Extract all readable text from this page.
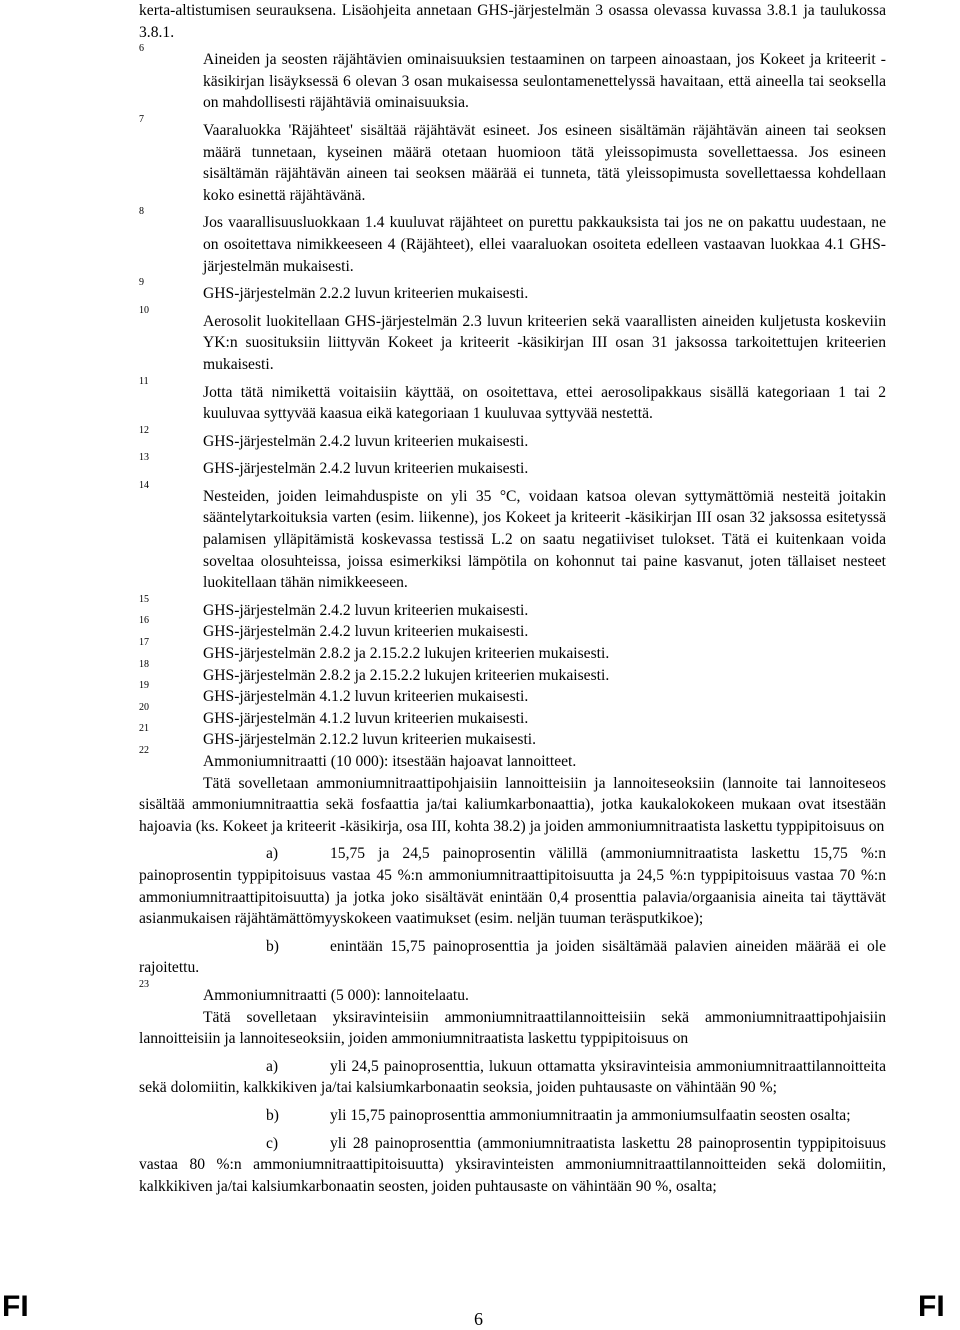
kerta-altistumisen seurauksena. Lisäohjeita annetaan GHS-järjestelmän 3 osassa olevassa kuvassa 3.8.1 ja taulukossa 3.8.1.

6
Aineiden ja seosten räjähtävien ominaisuuksien testaaminen on tarpeen ainoastaan, jos Kokeet ja kriteerit -käsikirjan lisäyksessä 6 olevan 3 osan mukaisessa seulontamenettelyssä havaitaan, että aineella tai seoksella on mahdollisesti räjähtäviä ominaisuuksia.

7
Vaaraluokka 'Räjähteet' sisältää räjähtävät esineet. Jos esineen sisältämän räjähtävän aineen tai seoksen määrä tunnetaan, kyseinen määrä otetaan huomioon tätä yleissopimusta sovellettaessa. Jos esineen sisältämän räjähtävän aineen tai seoksen määrää ei tunneta, tätä yleissopimusta sovellettaessa kohdellaan koko esinettä räjähtävänä.

8
Jos vaarallisuusluokkaan 1.4 kuuluvat räjähteet on purettu pakkauksista tai jos ne on pakattu uudestaan, ne on osoitettava nimikkeeseen 4 (Räjähteet), ellei vaaraluokan osoiteta edelleen vastaavan luokkaa 4.1 GHS-järjestelmän mukaisesti.

9
GHS-järjestelmän 2.2.2 luvun kriteerien mukaisesti.

10
Aerosolit luokitellaan GHS-järjestelmän 2.3 luvun kriteerien sekä vaarallisten aineiden kuljetusta koskeviin YK:n suosituksiin liittyvän Kokeet ja kriteerit -käsikirjan III osan 31 jaksossa tarkoitettujen kriteerien mukaisesti.

11
Jotta tätä nimikettä voitaisiin käyttää, on osoitettava, ettei aerosolipakkaus sisällä kategoriaan 1 tai 2 kuuluvaa syttyvää kaasua eikä kategoriaan 1 kuuluvaa syttyvää nestettä.

12
GHS-järjestelmän 2.4.2 luvun kriteerien mukaisesti.

13
GHS-järjestelmän 2.4.2 luvun kriteerien mukaisesti.

14
Nesteiden, joiden leimahduspiste on yli 35 °C, voidaan katsoa olevan syttymättömiä nesteitä joitakin sääntelytarkoituksia varten (esim. liikenne), jos Kokeet ja kriteerit -käsikirjan III osan 32 jaksossa esitetyssä palamisen ylläpitämistä koskevassa testissä L.2 on saatu negatiiviset tulokset. Tätä ei kuitenkaan voida soveltaa olosuhteissa, joissa esimerkiksi lämpötila on kohonnut tai paine kasvanut, joten tällaiset nesteet luokitellaan tähän nimikkeeseen.

15
GHS-järjestelmän 2.4.2 luvun kriteerien mukaisesti.

16
GHS-järjestelmän 2.4.2 luvun kriteerien mukaisesti.

17
GHS-järjestelmän 2.8.2 ja 2.15.2.2 lukujen kriteerien mukaisesti.

18
GHS-järjestelmän 2.8.2 ja 2.15.2.2 lukujen kriteerien mukaisesti.

19
GHS-järjestelmän 4.1.2 luvun kriteerien mukaisesti.

20
GHS-järjestelmän 4.1.2 luvun kriteerien mukaisesti.

21
GHS-järjestelmän 2.12.2 luvun kriteerien mukaisesti.

22
Ammoniumnitraatti (10 000): itsestään hajoavat lannoitteet.

Tätä sovelletaan ammoniumnitraattipohjaisiin lannoitteisiin ja lannoiteseoksiin (lannoite tai lannoiteseos sisältää ammoniumnitraattia sekä fosfaattia ja/tai kaliumkarbonaattia), jotka kaukalokokeen mukaan ovat itsestään hajoavia (ks. Kokeet ja kriteerit -käsikirja, osa III, kohta 38.2) ja joiden ammoniumnitraatista laskettu typpipitoisuus on

a)	15,75 ja 24,5 painoprosentin välillä (ammoniumnitraatista laskettu 15,75 %:n painoprosentin typpipitoisuus vastaa 45 %:n ammoniumnitraattipitoisuutta ja 24,5 %:n typpipitoisuus vastaa 70 %:n ammoniumnitraattipitoisuutta) ja jotka joko sisältävät enintään 0,4 prosenttia palavia/orgaanisia aineita tai täyttävät asianmukaisen räjähtämättömyyskokeen vaatimukset (esim. neljän tuuman teräsputkikoe);

b)	enintään 15,75 painoprosenttia ja joiden sisältämää palavien aineiden määrää ei ole rajoitettu.

23
Ammoniumnitraatti (5 000): lannoitelaatu.

Tätä sovelletaan yksiravinteisiin ammoniumnitraattilannoitteisiin sekä ammoniumnitraattipohjaisiin lannoitteisiin ja lannoiteseoksiin, joiden ammoniumnitraatista laskettu typpipitoisuus on

a)	yli 24,5 painoprosenttia, lukuun ottamatta yksiravinteisia ammoniumnitraattilannoitteita sekä dolomiitin, kalkkikiven ja/tai kalsiumkarbonaatin seoksia, joiden puhtausaste on vähintään 90 %;

b)	yli 15,75 painoprosenttia ammoniumnitraatin ja ammoniumsulfaatin seosten osalta;

c)	yli 28 painoprosenttia (ammoniumnitraatista laskettu 28 painoprosentin typpipitoisuus vastaa 80 %:n ammoniumnitraattipitoisuutta) yksiravinteisten ammoniumnitraattilannoitteiden sekä dolomiitin, kalkkikiven ja/tai kalsiumkarbonaatin seosten, joiden puhtausaste on vähintään 90 %, osalta;

FI	6	FI
